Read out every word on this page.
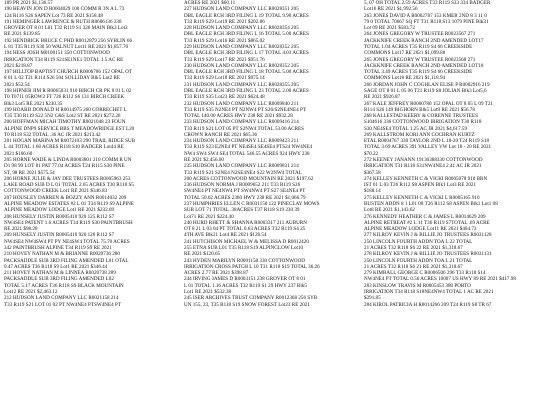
189 PR 2021 $1,136.57
190 HEAVIN JON D R0604029 100 COMM R 3N A L 73
124 R116 S26 SAPEN Lot 73 RE 2021 $158.48
191 HEMINGER LAWRENCE & RUTH R0606136 238
GROVER OT 8 01 L01 T32 R119 S1 326 MAIN Blk3 Lot3
RE 2021 $139.85
192 HENDRICK BRUCE C PHD R0012879 256 SYBLIN 66
L 81 T35 R119 S30 50 WALNUT Lot11 RE 2021 $1,857.70
194 HESS JOSH M0100151 350 COTTONWOOD
IRRIGATION T34 R119 S21SE1NE1 TOTAL 1.5 AC RE
2021 $218.87
197 HILLTOP BAPTIST CHURCH R0006706 152 OPAL OT
8 01 L 02 T21 R114 S26 504 SOLLIDAY Blk5 Lot2 RE
2021 $52.54
198 HIPNER JIM R R0065031 910 BIRCH CR PK 8 01 L 02
T0 T0711 05ROW2 FT 726 R112 S6 131 BIRCH CREEK
Blk3 Lot5 RE 2021 $230.35
199 HOARD DONALD H R0014975 260 CORRECHET L
T35 T30 R119 S22 5N2 C&S Lot2 ST RE 2021 $272.26
200 HOFFMAN MICAH TIMOTHY R0021048 23 FOUN
ALPINE DNP9 SERVICE BBS T MEADOWRIDGE EST L20
T0 R118 S32 TOTAL .36 AC JR 2021 $213.42
201 HOGAN MARINA M R0072103 290 TRAIL RIDGE SUB
L 44 TOTAL 1.68 ACRES R118 S10 BADGER Lot44 RE
2021 $166.60
205 HORNE WADE & LINDA R0003801 210 COMM R UN
D1 98 99 LOT 81 PAT 77.04 ACRES T24 R115 S30 PINE
ST, 98 RE 2021 $575.54
206 HORNE JULIE & JAY DEE TRUSTEES R0005963 253
LAKE ROAD SUB D L 01 TOTAL 2.65 ACRES T30 R118 S5
COTTONWOOD CREEK Lot1 RE 2021 $346.83
207 HOUSLEY DARREN & BOZZY ANN R0014032 209
ALPINE MEADOW ESTATES #2 L 01 T34 R119 S9 ALPINE
ALPINE MEADOW LODGE Lot1 RE 2021 $232.69
208 HUNSELY JUSTIN R0005410 920 125 R112 S7
NW4SE4 PATENT 1.6 ACRES T34 R119 S30 PAINTBRUSH
RE 2021 $98.28
209 HUNSELY JUSTIN R0005410 920 126 R112 S7
NW4SE4 NW4SW4 PT PY NE4SW4 TOTAL 75.70 ACRES
342 PAINTBRUSH ALPINE T34 R119 S9 RE 2021
210 HOVEY NATHAN M & BRIANNE R0020736 280
PACKSADDLE SUB 3RD FILING AMENDED L01 OTAL
0.47 ACRES T36 R118 S9 Lot1 RE 2021 $346.44
211 HOVEY NATHAN M & LINNEA R0020738 289
PACKSADDLE SUB 3RD FILING AMENDED L02
TOTAL 5.17 ACRES T36 R118 S9 BLACK MOUNTAIN
Lot12 RE 2021 $2,463.12
212 HUDSON LAND COMPANY LLC R0021158 214
T33 R119 S21 LOT 01 02 PT NW4NE4 PTSW4NE4 PT
ACRES RE 2021 $60.11
227 HUDSON LAND COMPANY LLC R0028351 205
DBL EAGLE RCH 3RD FILING L 19 TOTAL 9.90 ACRES
T33 R119 S29 Lot19 RE 2021 $202.86
228 HUDSON LAND COMPANY LLC R0028354 205
DBL EAGLE RCH 3RD FILING L 16 TOTAL 5.00 ACRES
T33 R119 S29 Lot16 RE 2021 $865.02
229 HUDSON LAND COMPANY LLC R0028352 205
DBL EAGLE RCH 3RD FILING L 17 TOTAL 4.03 ACRES
T33 R119 S29 Lot17 RE 2021 $951.76
230 HUDSON LAND COMPANY LLC R0028352 205
DBL EAGLE RCH 3RD FILING L 18 TOTAL 5.00 ACRES
T33 R119 S29 Lot18 RE 2021 $975.14
231 HUDSON LAND COMPANY LLC R0028355 205
DBL EAGLE RCH 3RD FILING L 23 TOTAL 2.00 ACRES
T33 R119 S35 Lot23 RE 2021 $624.48
232 HUDSON LAND COMPANY LLC R0009840 211
T33 R119 S35 N2NE4 PT N2NW4 PT S26/S2NE4NE4 PT
TOTAL 140.00 ACRES HWY 238 RE 2021 $932.28
233 HUDSON LAND COMPANY LLC R0009416 214
T33 R119 S21 LOT 05 PT S2NW4 TOTAL 53.00 ACRES
CROWN RANCH RE 2021 $65.36
234 HUDSON LAND COMPANY LLC R0009423 211
T33 R119 S23 E2NE4 PT NE4SE4 SE4SE4 PTS24 NW4NE4
NW4 SW4 SW4 SE4 TOTAL 546.55 ACRES 924 HWY 238
RE 2021 $2,456.00
235 HUDSON LAND COMPANY LLC R0009831 214
T33 R119 S21 S2NE4 N2SE4NE4 S22 W2NW4 TOTAL
200 ACRES COTTONWOOD MOUNTAIN RE 2021 $197.62
236 HUDSON NORMA J R0009652 211 T33 R119 S26
SW4NE4 PT NE4NW4 PT SW4NW4 PT S27 SE4NE4 PT
TOTAL 50.02 ACRES 2360 HWY 238 RE 2021 $1,066.79
237 HUMPHRIES ELLEN C R0031150 122 PINECLAY MOWS
SUB LOT 71 TOTAL .38ACRES T37 R118 S19 230 39
Lot71 RE 2021 $224.40
240 HURD RHETT & SHANNA R0003317 211 AUBURN
OT 8 21 L 03 04 PT TOTAL 0.63 ACRES T32 R119 S4 25
4TH AVE Blk21 Lot4 RE 2021 $128.54
241 HUTCHISON MICHAEL W & MELISSA D R0012420
255 ETNA SUB L01 T35 R118 S19 ALPINGLOW Lot10
RE 2021 $120.65
243 HYDEN MARILYN R0001158 330 COTTONWOOD
IRRIGATION CROSS PATCH L 10 T31 R118 S19 TOTAL 36.26
ACRES 2.77 RE 2021 $398.87
244 IRVING JAMES D R0003151 238 GROVER OT 8 01
L 01 TOTAL 1.16 ACRES T32 R119 S1 29 HWY 237 Blk5
Lot1 RE 2021 $532.38
245 ISER ARCHIVES TRUST COMPANY R0012368 256 SYB
UN 155, 23, T35 R118 S19 SNOW FOREST Lot23 RE 2021
5, 07 OH TOTAL 2.59 ACRES T33 R119 S33 334 BADGER
Lot16 RE 2021 $1,992.56
263 JONES DAVID A R0002787 153 KMER 2ND 8 3 11 0
79 0 TOTAL 70667 SQ FT T31 R118 S13 1079 PINE Blk31
Lot 09 RE 2021 $583.72
264 JONES GREGORY W TRUSTEE R0023567 271
JACKKNIFE CREEK RANCH 2ND AMENDED LOT17
TOTAL 1.04 ACRES T35 R119 S4 66 CREEKSIDE
COMMONS Lot17 RE 2021 $1,099.80
265 JONES GREGORY W TRUSTEE R0023568 271
JACKKNIFE CREEK RANCH 2ND AMENDED LOT18
TOTAL 3.49 ACRES T35 R119 S4 66 CREEKSIDE
COMMONS Lot18 RE 2021 $1,118.94
266 JORDAN JOHN C COGHLAN ELISE P R0002916 219
SAGE OT 8 01 L 05 06 T21 R119 S8 JOLIAN Blk3 Lot5,6
RE 2021 $926.87
267 KALE JEFFREY R0060780 152 OPAL OT 8 05 L 09 T21
R114 S26 149 BIGHORN Blk5 Lot9 RE 2021 $56.78
268 KALLESTAD KEERY & CORENNE TRUSTEES
S104616 336 COTTONWOOD IRRIGATION T30 R118
S30 NE4SE4 TOTAL 1.25 AC JR 2021 $4,617.59
269 KALLSTROM KORI ANN COCHRAN KURTZ
ETAL R0004767 330 TAYLOR 2ND L 18-20 T24 R119 S18
TOTAL 3.69 ACRES 391 VALLEY VW Lot 18 - 20 RE 2021
$70.22
272 KEENEY JANANN 19130388330 COTTONWOOD
IRRIGATION T31 R118 S31NW4NE4 2.41 AC JR 2021
$367.58
274 KELLEY KENNETH C & VICKI R0005078 910 BRN
IST 01 L 03 T26 R112 S8 ASPEN Blk1 Lot3 RE 2021
$188.14
275 KELLEY KENNETH C & VICKI L R0005165 910
BUSTEN ADDN 8 1 L01 08 T26 R112 S8 ASPEN Blk1 Lot1 08
Lot8 RE 2021 $1,143.62
276 KENNEDY HEATHER C & JAMES L R0014629 209
ALPINE RETREAT #2 L 11 T36 R119 S7TOTAL .69 ACRE
ALPINE MEADOW LODGE Lot11 RE 2021 $404.73
277 KILROY KEVIN J & BILLIE JO TRUSTEES R0031128
250 LINCOLN FOURTH ADDN TOA L 22 TOTAL
21 ACRES T32 R118 S6 22 RE 2021 $1,318.67
278 KILROY KEVIN J & BILLIE JO TRUSTEES R0031131
250 LINCOLN FOURTH ADDN TOA L 21 TOTAL
21 ACRES T32 R118 S6 21 RE 2021 $1,318.67
279 KIMBALL GEORGE C R0006506 296 T33 R118 S14
NW4NE4 PT TOTAL 0.56 ACRES 10007 US HWY 89 RE 2021 $417.98
283 KINSLOW TRAVIS M R0005453 380 PORTO
IRRIGATION T34 R118 S18NE4NW4 TOTAL 1 AC RE 2021
$291.85
284 KIROL PATRICIA H R0014266 209 T24 R119 S8 TR 67
